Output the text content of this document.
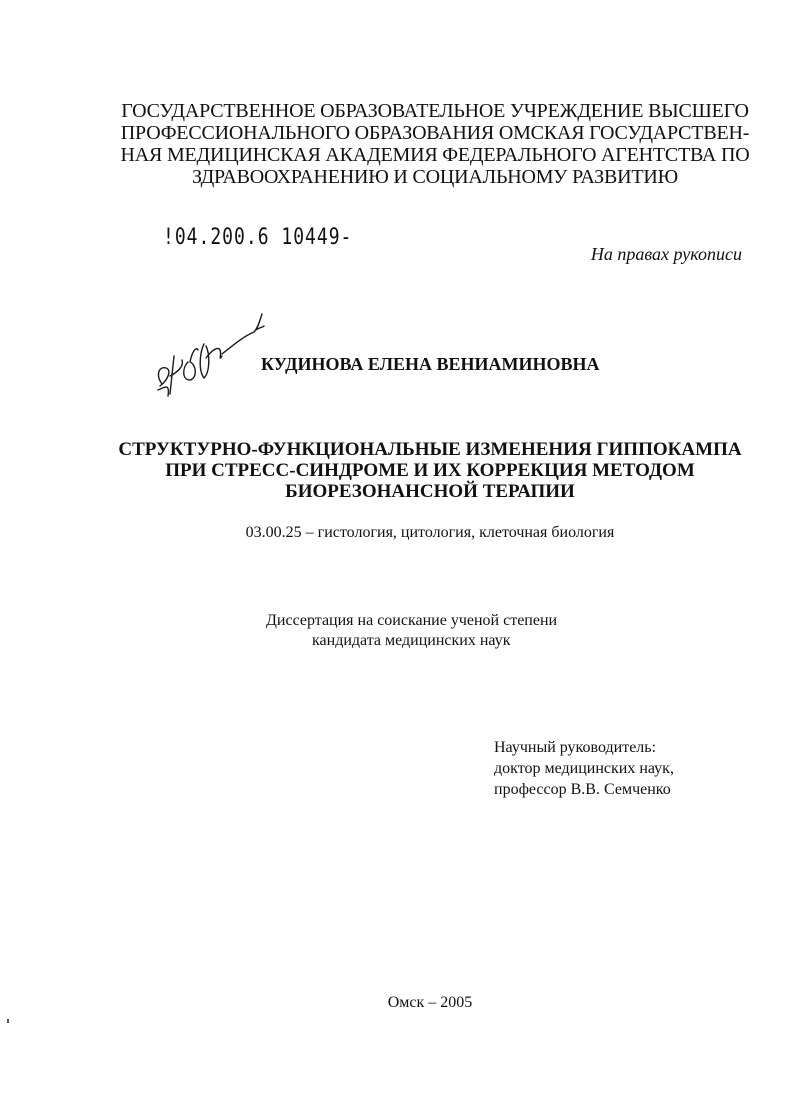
ГОСУДАРСТВЕННОЕ ОБРАЗОВАТЕЛЬНОЕ УЧРЕЖДЕНИЕ ВЫСШЕГО
ПРОФЕССИОНАЛЬНОГО ОБРАЗОВАНИЯ ОМСКАЯ ГОСУДАРСТВЕН-
НАЯ МЕДИЦИНСКАЯ АКАДЕМИЯ ФЕДЕРАЛЬНОГО АГЕНТСТВА ПО
ЗДРАВООХРАНЕНИЮ И СОЦИАЛЬНОМУ РАЗВИТИЮ
!04.200.6 10449-
На правах рукописи
КУДИНОВА ЕЛЕНА ВЕНИАМИНОВНА
СТРУКТУРНО-ФУНКЦИОНАЛЬНЫЕ ИЗМЕНЕНИЯ ГИППОКАМПА
ПРИ СТРЕСС-СИНДРОМЕ И ИХ КОРРЕКЦИЯ МЕТОДОМ
БИОРЕЗОНАНСНОЙ ТЕРАПИИ
03.00.25 – гистология, цитология, клеточная биология
Диссертация на соискание ученой степени
кандидата медицинских наук
Научный руководитель:
доктор медицинских наук,
профессор В.В. Семченко
Омск – 2005
